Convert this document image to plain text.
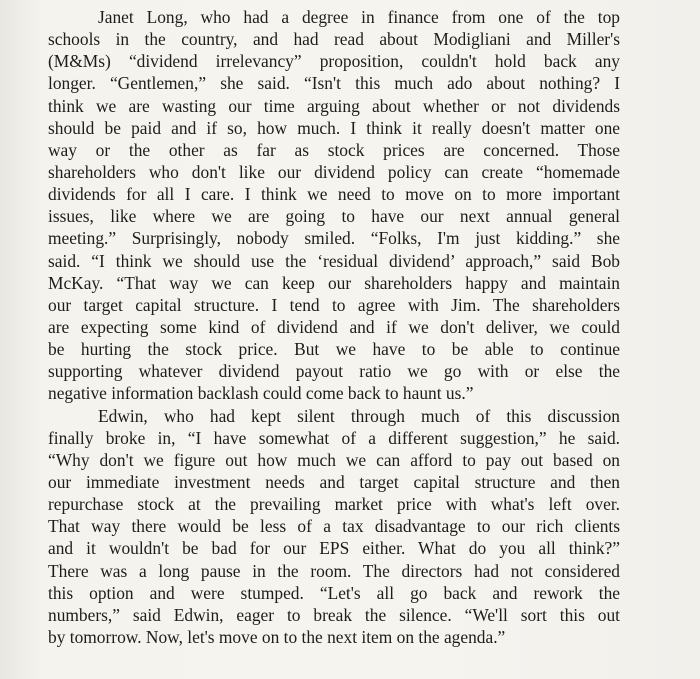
Janet Long, who had a degree in finance from one of the top
schools in the country, and had read about Modigliani and Miller's
(M&Ms) “dividend irrelevancy” proposition, couldn't hold back any
longer. “Gentlemen,” she said. “Isn't this much ado about nothing? I
think we are wasting our time arguing about whether or not dividends
should be paid and if so, how much. I think it really doesn't matter one
way or the other as far as stock prices are concerned. Those
shareholders who don't like our dividend policy can create “homemade
dividends for all I care. I think we need to move on to more important
issues, like where we are going to have our next annual general
meeting.” Surprisingly, nobody smiled. “Folks, I'm just kidding.” she
said. “I think we should use the ‘residual dividend’ approach,” said Bob
McKay. “That way we can keep our shareholders happy and maintain
our target capital structure. I tend to agree with Jim. The shareholders
are expecting some kind of dividend and if we don't deliver, we could
be hurting the stock price. But we have to be able to continue
supporting whatever dividend payout ratio we go with or else the
negative information backlash could come back to haunt us.”
Edwin, who had kept silent through much of this discussion
finally broke in, “I have somewhat of a different suggestion,” he said.
“Why don't we figure out how much we can afford to pay out based on
our immediate investment needs and target capital structure and then
repurchase stock at the prevailing market price with what's left over.
That way there would be less of a tax disadvantage to our rich clients
and it wouldn't be bad for our EPS either. What do you all think?”
There was a long pause in the room. The directors had not considered
this option and were stumped. “Let's all go back and rework the
numbers,” said Edwin, eager to break the silence. “We'll sort this out
by tomorrow. Now, let's move on to the next item on the agenda.”
